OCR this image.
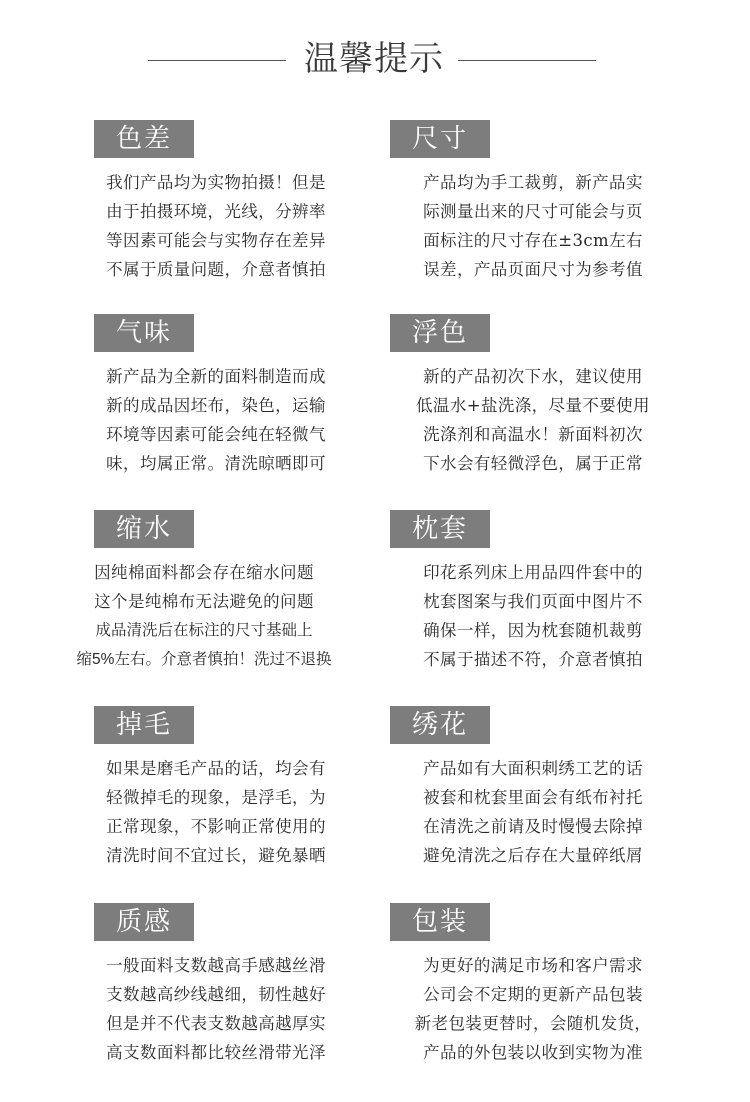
温馨提示
色差
我们产品均为实物拍摄！但是
由于拍摄环境，光线，分辨率
等因素可能会与实物存在差异
不属于质量问题，介意者慎拍
尺寸
产品均为手工裁剪，新产品实
际测量出来的尺寸可能会与页
面标注的尺寸存在±3cm左右
误差，产品页面尺寸为参考值
气味
新产品为全新的面料制造而成
新的成品因坯布，染色，运输
环境等因素可能会纯在轻微气
味，均属正常。清洗晾晒即可
浮色
新的产品初次下水，建议使用
低温水+盐洗涤，尽量不要使用
洗涤剂和高温水！新面料初次
下水会有轻微浮色，属于正常
缩水
因纯棉面料都会存在缩水问题
这个是纯棉布无法避免的问题
成品清洗后在标注的尺寸基础上
缩5%左右。介意者慎拍！洗过不退换
枕套
印花系列床上用品四件套中的
枕套图案与我们页面中图片不
确保一样，因为枕套随机裁剪
不属于描述不符，介意者慎拍
掉毛
如果是磨毛产品的话，均会有
轻微掉毛的现象，是浮毛，为
正常现象，不影响正常使用的
清洗时间不宜过长，避免暴晒
绣花
产品如有大面积刺绣工艺的话
被套和枕套里面会有纸布衬托
在清洗之前请及时慢慢去除掉
避免清洗之后存在大量碎纸屑
质感
一般面料支数越高手感越丝滑
支数越高纱线越细，韧性越好
但是并不代表支数越高越厚实
高支数面料都比较丝滑带光泽
包装
为更好的满足市场和客户需求
公司会不定期的更新产品包装
新老包装更替时，会随机发货，
产品的外包装以收到实物为准
